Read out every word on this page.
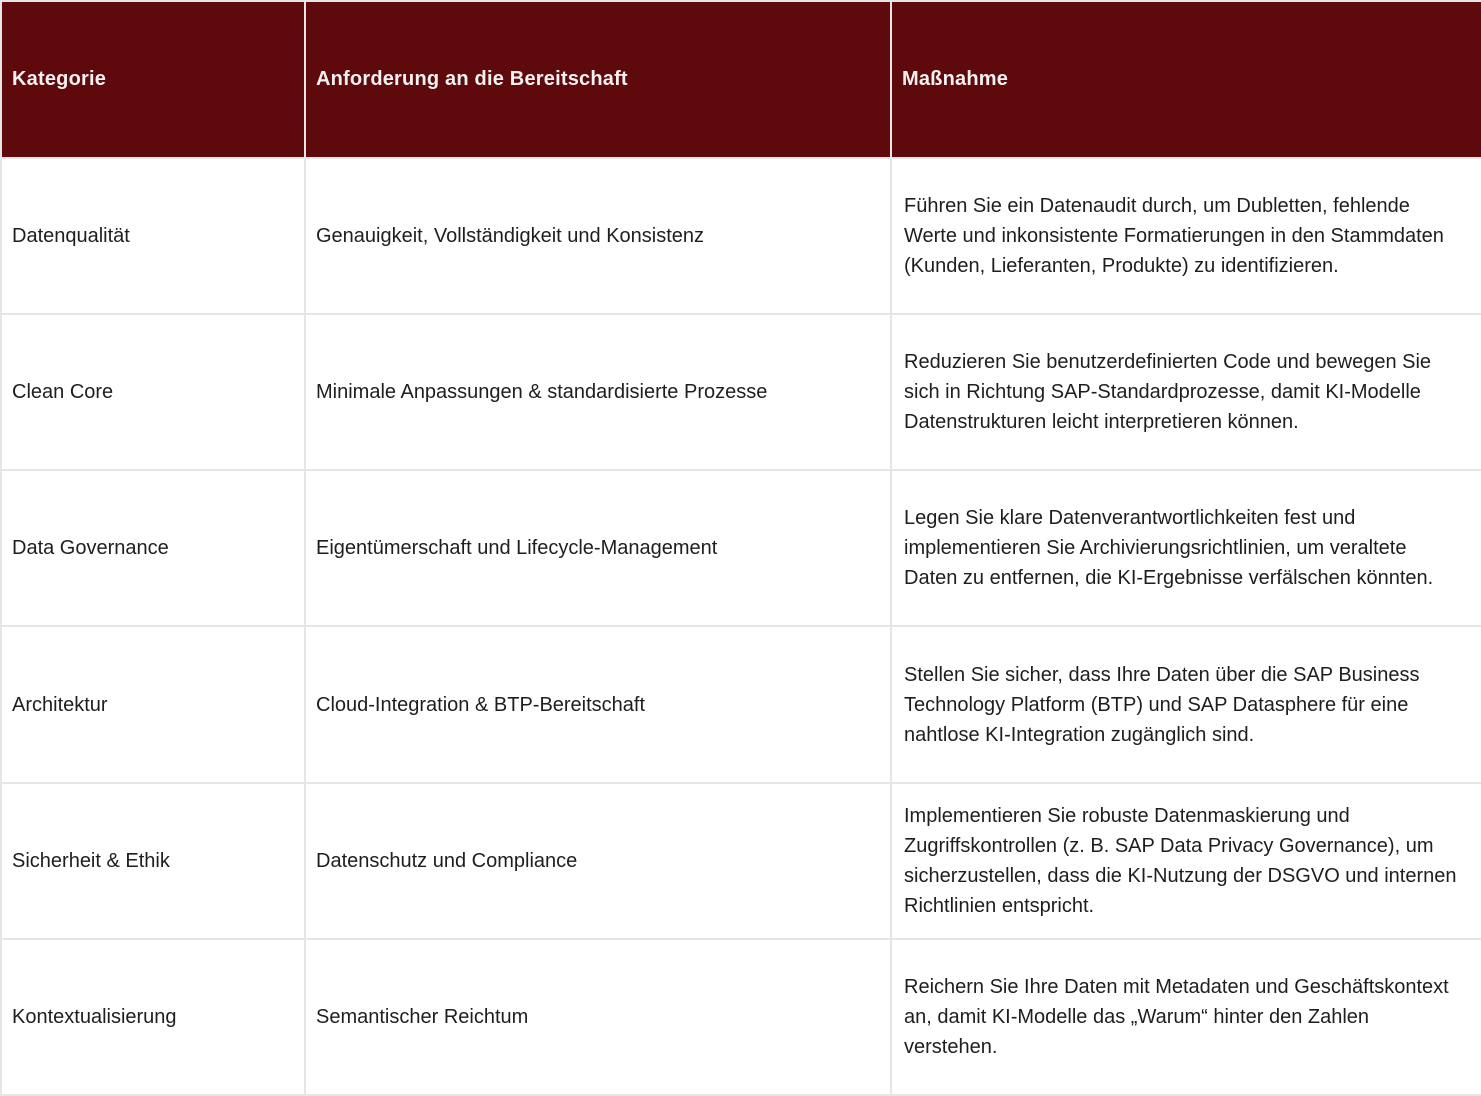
Kategorie	Anforderung an die Bereitschaft	Maßnahme
Datenqualität	Genauigkeit, Vollständigkeit und Konsistenz	Führen Sie ein Datenaudit durch, um Dubletten, fehlende Werte und inkonsistente Formatierungen in den Stammdaten (Kunden, Lieferanten, Produkte) zu identifizieren.
Clean Core	Minimale Anpassungen & standardisierte Prozesse	Reduzieren Sie benutzerdefinierten Code und bewegen Sie sich in Richtung SAP-Standardprozesse, damit KI-Modelle Datenstrukturen leicht interpretieren können.
Data Governance	Eigentümerschaft und Lifecycle-Management	Legen Sie klare Datenverantwortlichkeiten fest und implementieren Sie Archivierungsrichtlinien, um veraltete Daten zu entfernen, die KI-Ergebnisse verfälschen könnten.
Architektur	Cloud-Integration & BTP-Bereitschaft	Stellen Sie sicher, dass Ihre Daten über die SAP Business Technology Platform (BTP) und SAP Datasphere für eine nahtlose KI-Integration zugänglich sind.
Sicherheit & Ethik	Datenschutz und Compliance	Implementieren Sie robuste Datenmaskierung und Zugriffskontrollen (z. B. SAP Data Privacy Governance), um sicherzustellen, dass die KI-Nutzung der DSGVO und internen Richtlinien entspricht.
Kontextualisierung	Semantischer Reichtum	Reichern Sie Ihre Daten mit Metadaten und Geschäftskontext an, damit KI-Modelle das „Warum“ hinter den Zahlen verstehen.
